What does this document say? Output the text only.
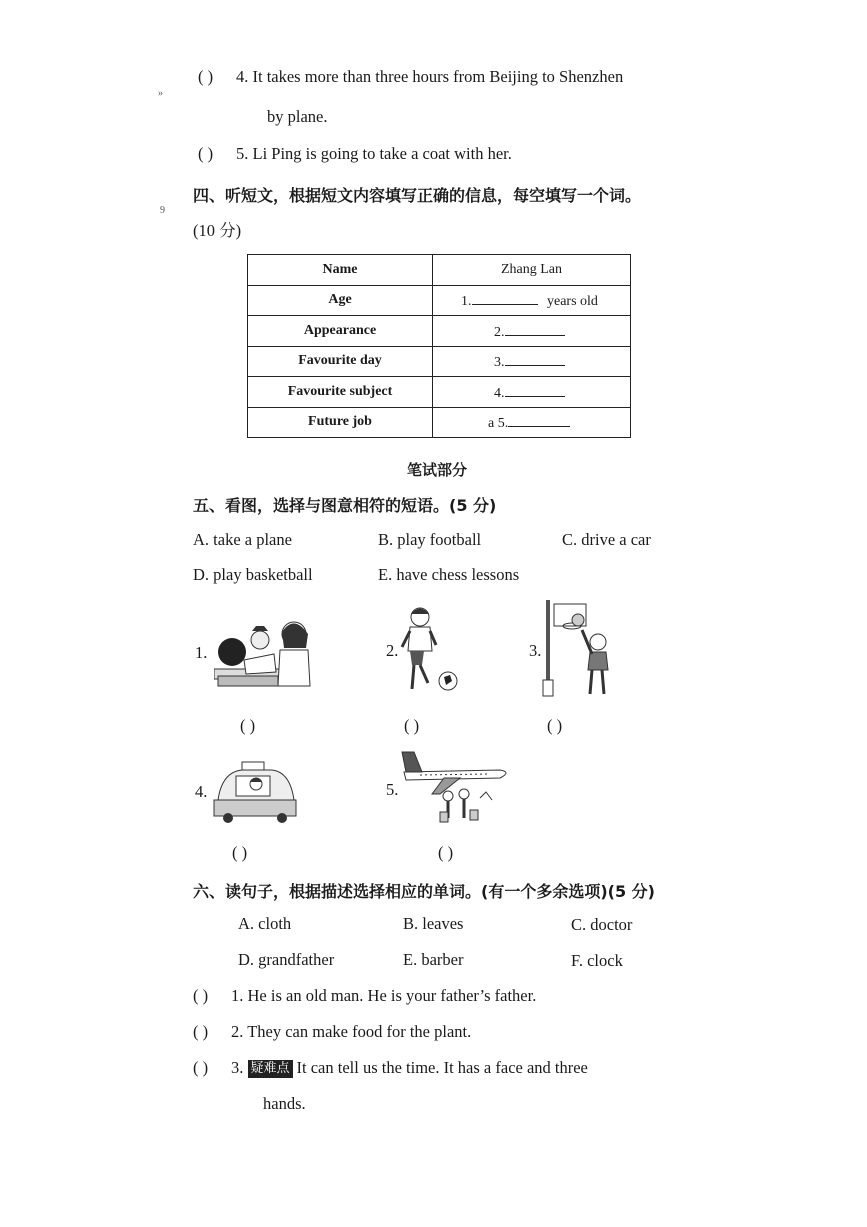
»
9
( ) 4. It takes more than three hours from Beijing to Shenzhen
by plane.
( ) 5. Li Ping is going to take a coat with her.
四、听短文，根据短文内容填写正确的信息，每空填写一个词。
(10 分)
Name	Zhang Lan
Age	1. years old
Appearance	2.
Favourite day	3.
Favourite subject	4.
Future job	a 5.
笔试部分
五、看图，选择与图意相符的短语。(5 分)
A. take a plane	B. play football	C. drive a car
D. play basketball	E. have chess lessons
1.
( )
2.
( )
3.
( )
4.
( )
5.
( )
六、读句子，根据描述选择相应的单词。(有一个多余选项)(5 分)
A. cloth	B. leaves	C. doctor
D. grandfather	E. barber	F. clock
( ) 1. He is an old man. He is your father’s father.
( ) 2. They can make food for the plant.
( ) 3. 疑难点 It can tell us the time. It has a face and three
hands.
